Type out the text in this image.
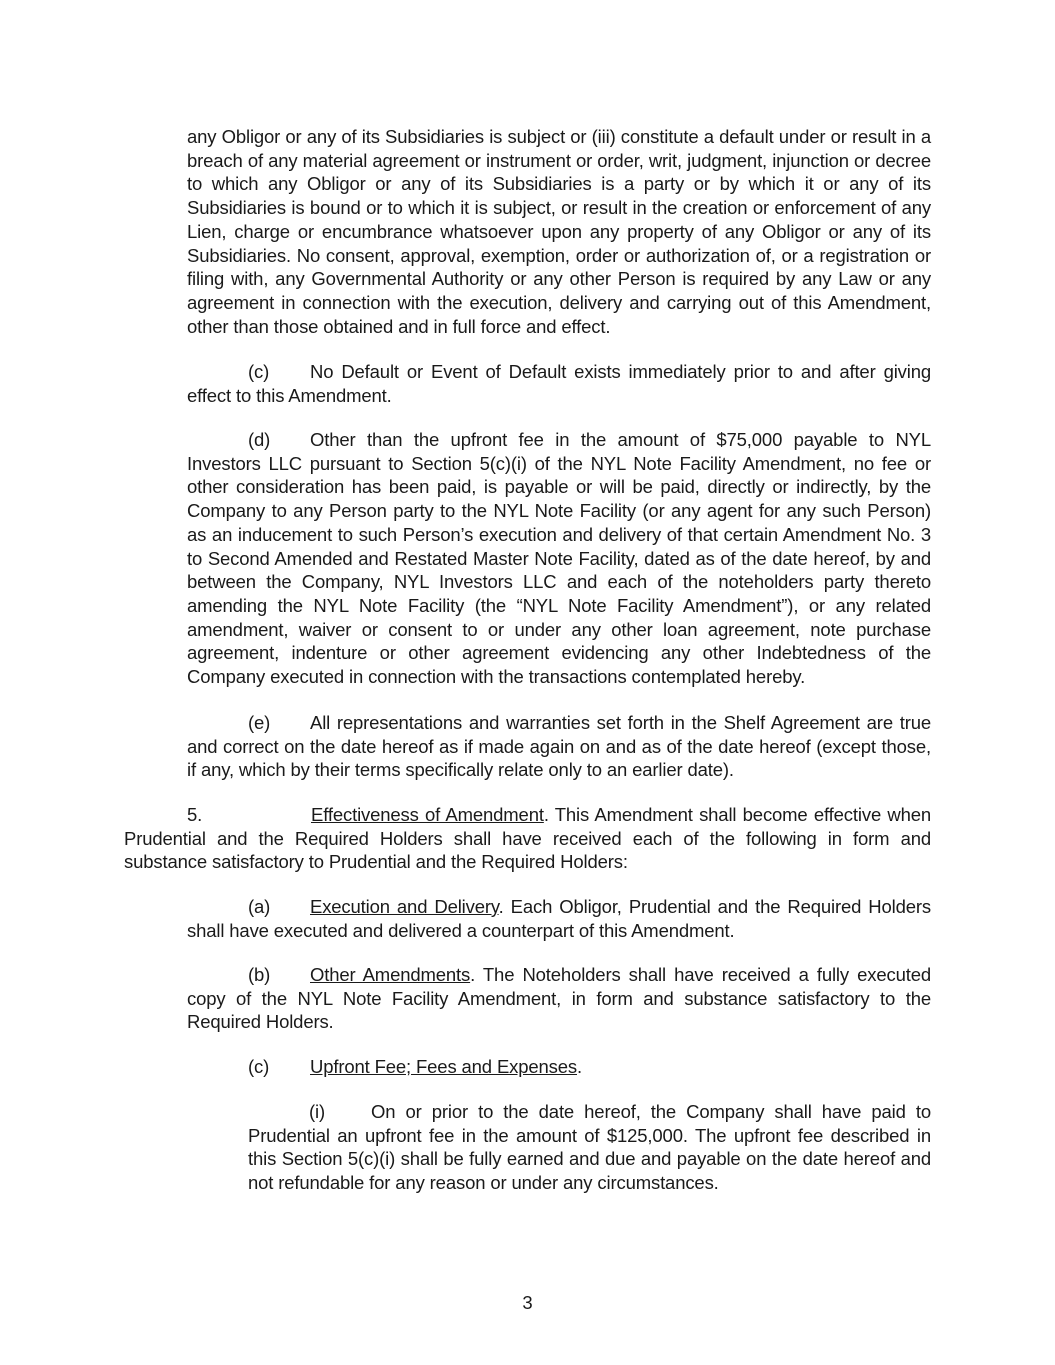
any Obligor or any of its Subsidiaries is subject or (iii) constitute a default under or result in a breach of any material agreement or instrument or order, writ, judgment, injunction or decree to which any Obligor or any of its Subsidiaries is a party or by which it or any of its Subsidiaries is bound or to which it is subject, or result in the creation or enforcement of any Lien, charge or encumbrance whatsoever upon any property of any Obligor or any of its Subsidiaries. No consent, approval, exemption, order or authorization of, or a registration or filing with, any Governmental Authority or any other Person is required by any Law or any agreement in connection with the execution, delivery and carrying out of this Amendment, other than those obtained and in full force and effect.

(c) No Default or Event of Default exists immediately prior to and after giving effect to this Amendment.

(d) Other than the upfront fee in the amount of $75,000 payable to NYL Investors LLC pursuant to Section 5(c)(i) of the NYL Note Facility Amendment, no fee or other consideration has been paid, is payable or will be paid, directly or indirectly, by the Company to any Person party to the NYL Note Facility (or any agent for any such Person) as an inducement to such Person’s execution and delivery of that certain Amendment No. 3 to Second Amended and Restated Master Note Facility, dated as of the date hereof, by and between the Company, NYL Investors LLC and each of the noteholders party thereto amending the NYL Note Facility (the “NYL Note Facility Amendment”), or any related amendment, waiver or consent to or under any other loan agreement, note purchase agreement, indenture or other agreement evidencing any other Indebtedness of the Company executed in connection with the transactions contemplated hereby.

(e) All representations and warranties set forth in the Shelf Agreement are true and correct on the date hereof as if made again on and as of the date hereof (except those, if any, which by their terms specifically relate only to an earlier date).

5.	Effectiveness of Amendment. This Amendment shall become effective when Prudential and the Required Holders shall have received each of the following in form and substance satisfactory to Prudential and the Required Holders:

(a) Execution and Delivery. Each Obligor, Prudential and the Required Holders shall have executed and delivered a counterpart of this Amendment.

(b) Other Amendments. The Noteholders shall have received a fully executed copy of the NYL Note Facility Amendment, in form and substance satisfactory to the Required Holders.

(c) Upfront Fee; Fees and Expenses.

(i) On or prior to the date hereof, the Company shall have paid to Prudential an upfront fee in the amount of $125,000. The upfront fee described in this Section 5(c)(i) shall be fully earned and due and payable on the date hereof and not refundable for any reason or under any circumstances.

3
